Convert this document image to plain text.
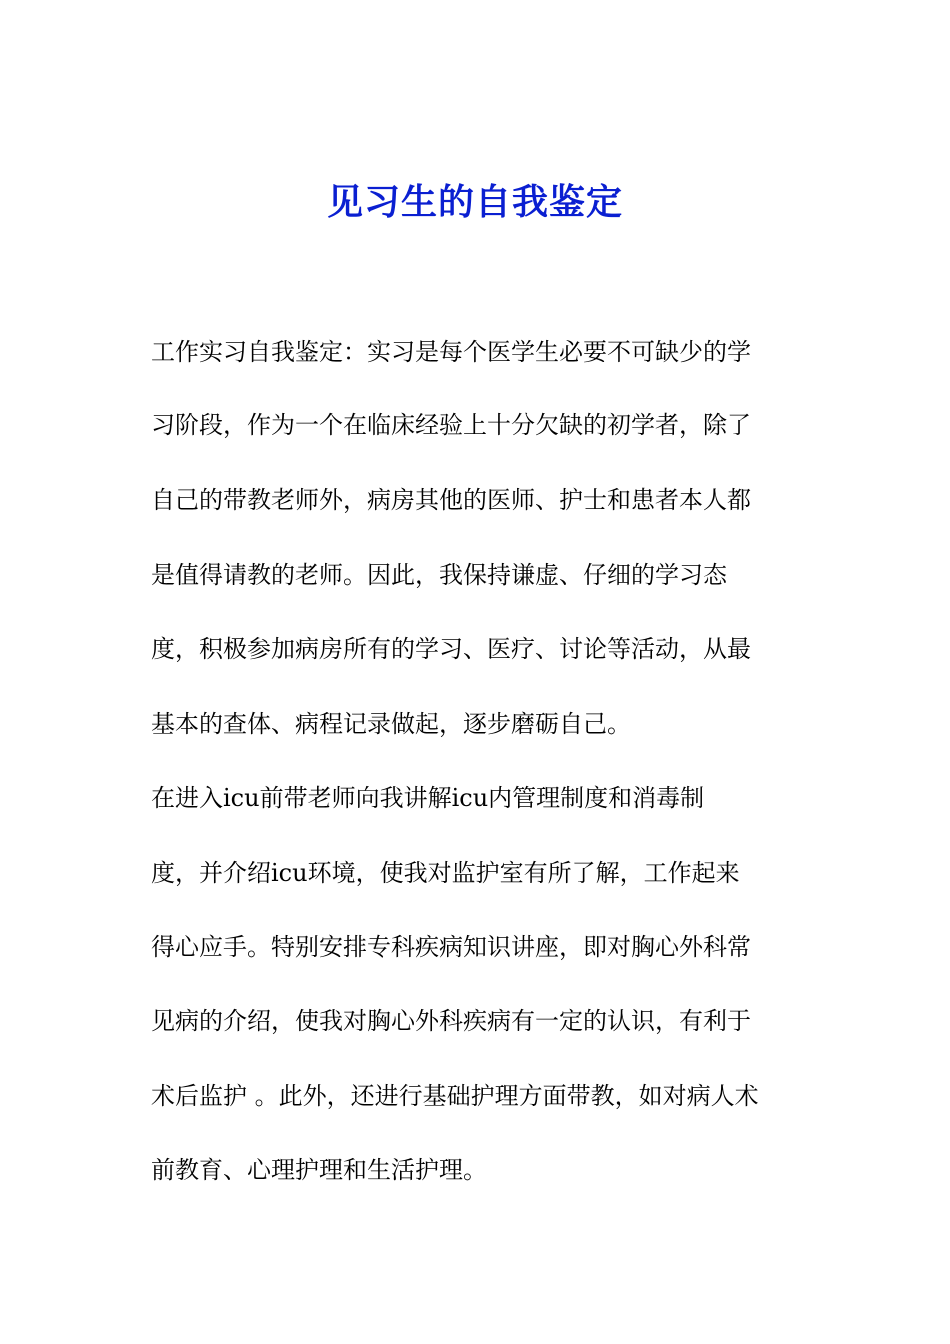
见习生的自我鉴定
工作实习自我鉴定：实习是每个医学生必要不可缺少的学
习阶段，作为一个在临床经验上十分欠缺的初学者，除了
自己的带教老师外，病房其他的医师、护士和患者本人都
是值得请教的老师。因此，我保持谦虚、仔细的学习态
度，积极参加病房所有的学习、医疗、讨论等活动，从最
基本的查体、病程记录做起，逐步磨砺自己。
在进入icu前带老师向我讲解icu内管理制度和消毒制
度，并介绍icu环境，使我对监护室有所了解，工作起来
得心应手。特别安排专科疾病知识讲座，即对胸心外科常
见病的介绍，使我对胸心外科疾病有一定的认识，有利于
术后监护 。此外，还进行基础护理方面带教，如对病人术
前教育、心理护理和生活护理。
